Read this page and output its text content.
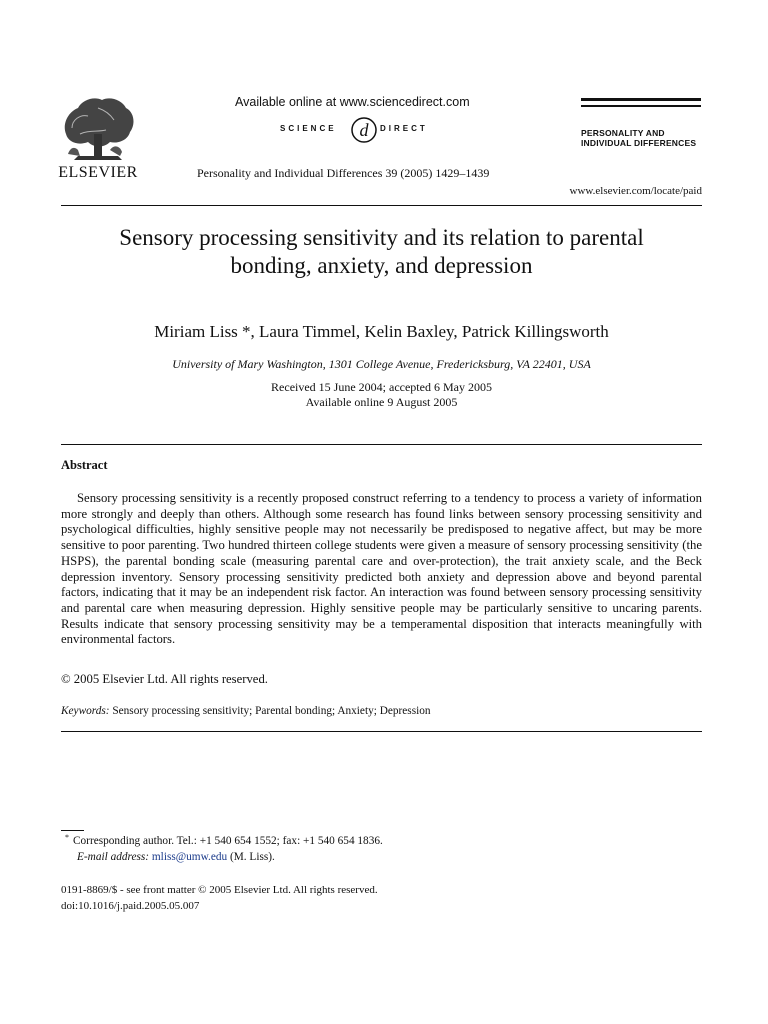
ELSEVIER
Available online at www.sciencedirect.com
SCIENCE d DIRECT
Personality and Individual Differences 39 (2005) 1429–1439
PERSONALITY AND
INDIVIDUAL DIFFERENCES
www.elsevier.com/locate/paid
Sensory processing sensitivity and its relation to parental
bonding, anxiety, and depression
Miriam Liss *, Laura Timmel, Kelin Baxley, Patrick Killingsworth
University of Mary Washington, 1301 College Avenue, Fredericksburg, VA 22401, USA
Received 15 June 2004; accepted 6 May 2005
Available online 9 August 2005
Abstract

Sensory processing sensitivity is a recently proposed construct referring to a tendency to process a variety of information more strongly and deeply than others. Although some research has found links between sensory processing sensitivity and psychological difficulties, highly sensitive people may not necessarily be predisposed to negative affect, but may be more sensitive to poor parenting. Two hundred thirteen college students were given a measure of sensory processing sensitivity (the HSPS), the parental bonding scale (measuring parental care and over-protection), the trait anxiety scale, and the Beck depression inventory. Sensory processing sensitivity predicted both anxiety and depression above and beyond parental factors, indicating that it may be an independent risk factor. An interaction was found between sensory processing sensitivity and parental care when measuring depression. Highly sensitive people may be particularly sensitive to uncaring parents. Results indicate that sensory processing sensitivity may be a temperamental disposition that interacts meaningfully with environmental factors.

© 2005 Elsevier Ltd. All rights reserved.
Keywords: Sensory processing sensitivity; Parental bonding; Anxiety; Depression
* Corresponding author. Tel.: +1 540 654 1552; fax: +1 540 654 1836.
E-mail address: mliss@umw.edu (M. Liss).
0191-8869/$ - see front matter © 2005 Elsevier Ltd. All rights reserved.
doi:10.1016/j.paid.2005.05.007
